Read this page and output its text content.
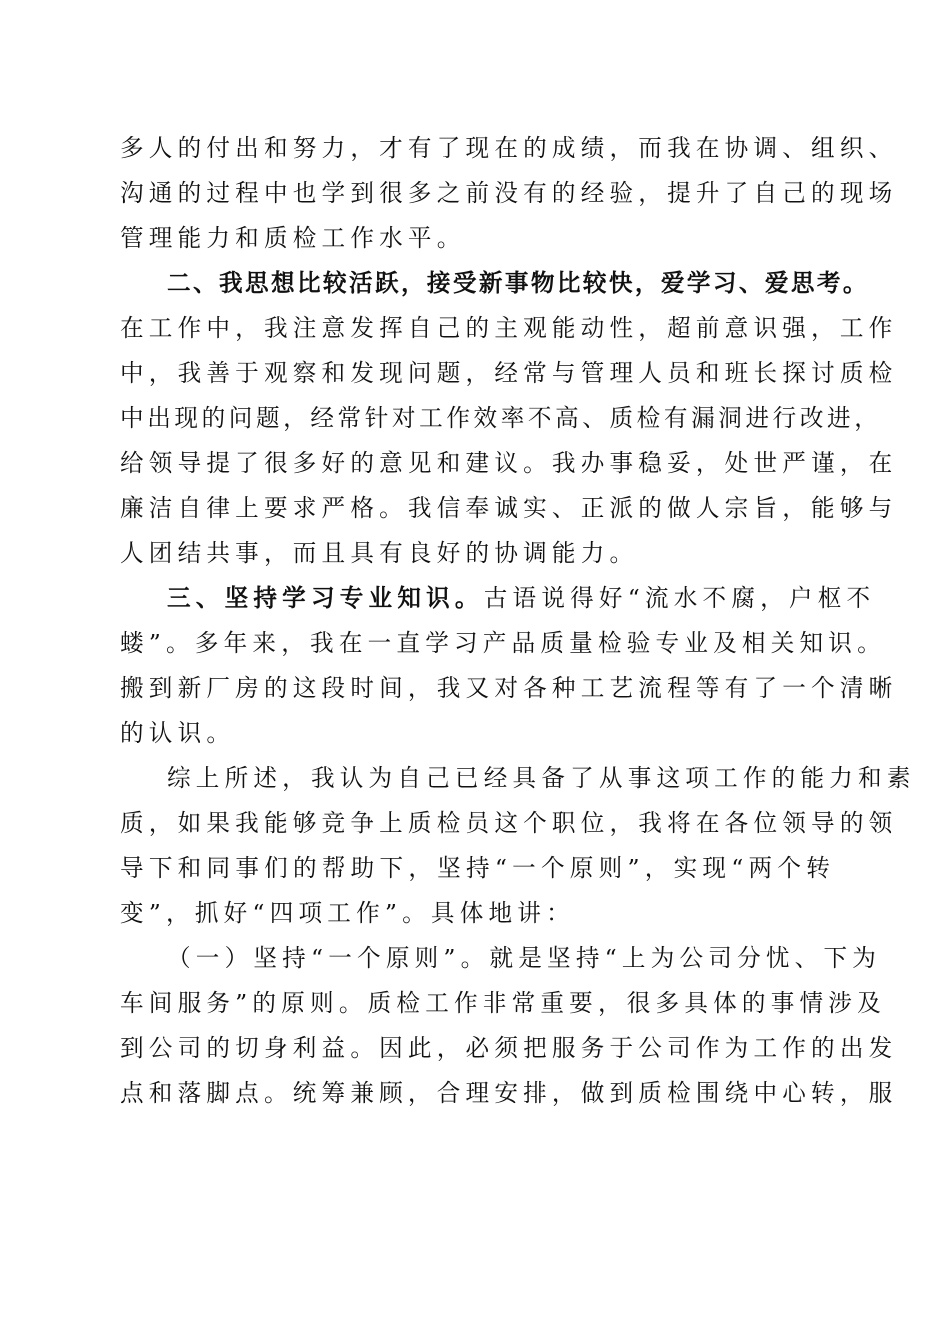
多人的付出和努力，才有了现在的成绩，而我在协调、组织、
沟通的过程中也学到很多之前没有的经验，提升了自己的现场
管理能力和质检工作水平。
二、我思想比较活跃，接受新事物比较快，爱学习、爱思考。
在工作中，我注意发挥自己的主观能动性，超前意识强，工作
中，我善于观察和发现问题，经常与管理人员和班长探讨质检
中出现的问题，经常针对工作效率不高、质检有漏洞进行改进，
给领导提了很多好的意见和建议。我办事稳妥，处世严谨，在
廉洁自律上要求严格。我信奉诚实、正派的做人宗旨，能够与
人团结共事，而且具有良好的协调能力。
三、坚持学习专业知识。古语说得好“流水不腐，户枢不
蝼”。多年来，我在一直学习产品质量检验专业及相关知识。
搬到新厂房的这段时间，我又对各种工艺流程等有了一个清晰
的认识。
综上所述，我认为自己已经具备了从事这项工作的能力和素
质，如果我能够竞争上质检员这个职位，我将在各位领导的领
导下和同事们的帮助下，坚持“一个原则”，实现“两个转
变”，抓好“四项工作”。具体地讲：
（一）坚持“一个原则”。就是坚持“上为公司分忧、下为
车间服务”的原则。质检工作非常重要，很多具体的事情涉及
到公司的切身利益。因此，必须把服务于公司作为工作的出发
点和落脚点。统筹兼顾，合理安排，做到质检围绕中心转，服
